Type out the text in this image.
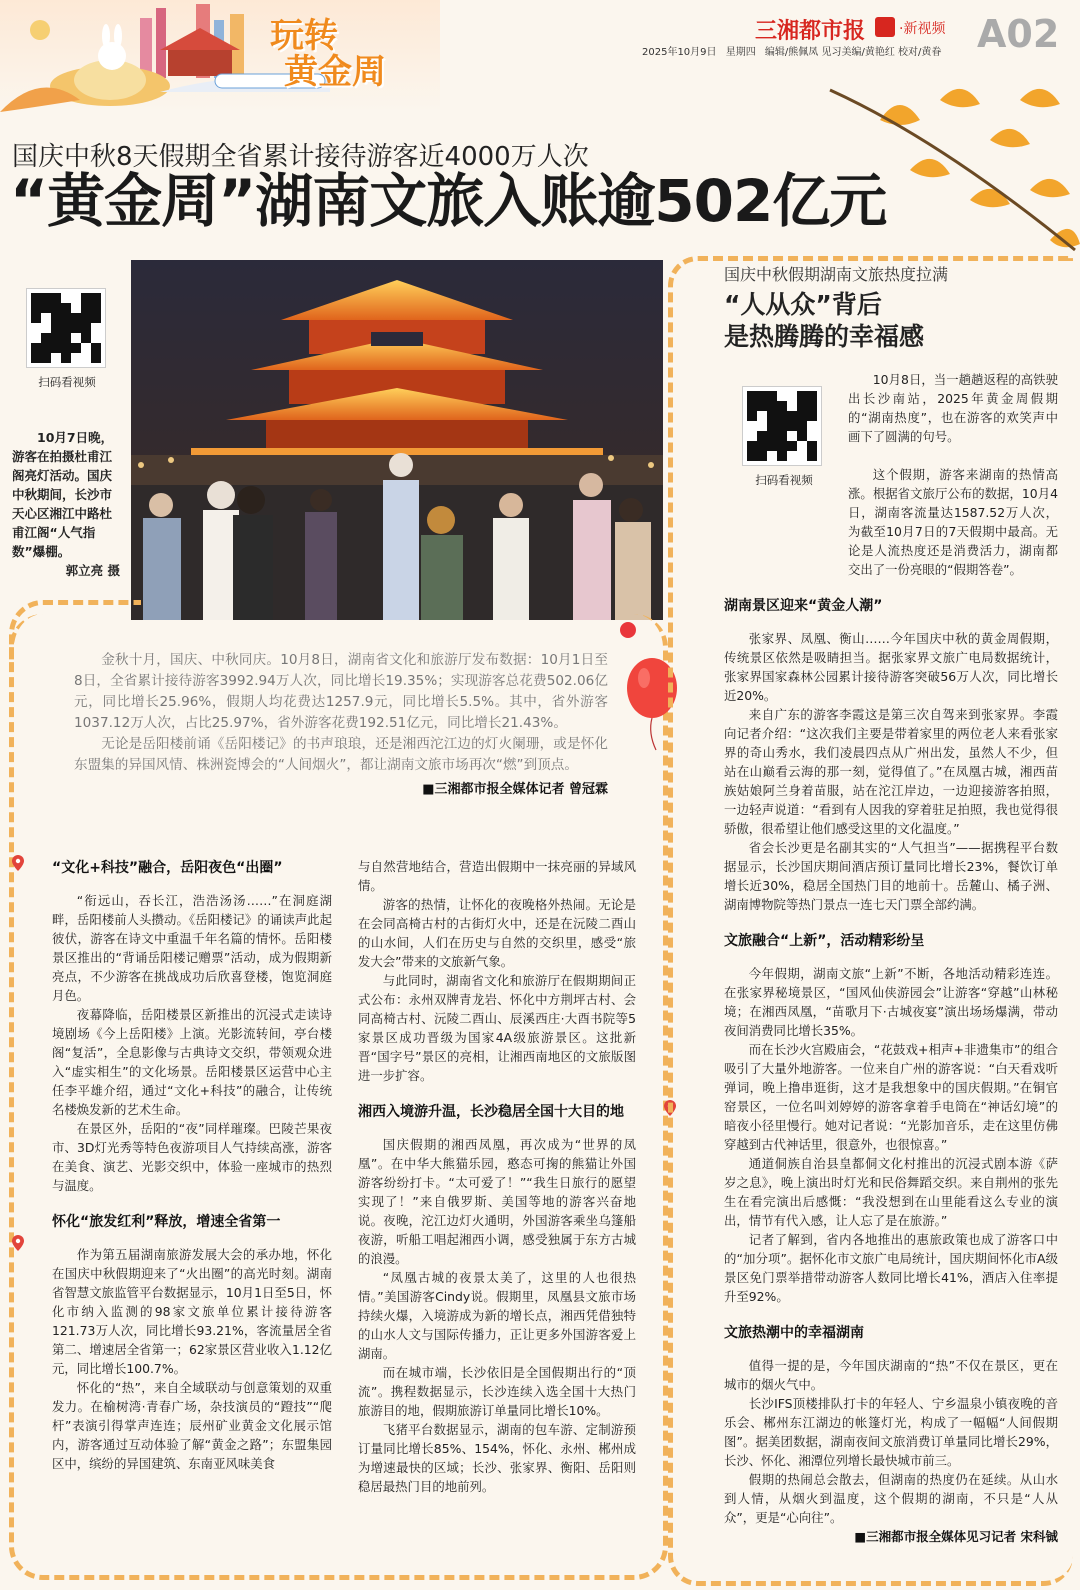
玩转
黄金周
三湘都市报 ·新视频 A02
2025年10月9日 星期四 编辑/熊佩凤 见习美编/黄艳红 校对/黄眷
国庆中秋8天假期全省累计接待游客近4000万人次
“黄金周”湖南文旅入账逾502亿元
扫码看视频

10月7日晚，游客在拍摄杜甫江阁亮灯活动。国庆中秋期间，长沙市天心区湘江中路杜甫江阁“人气指数”爆棚。

郭立亮 摄

金秋十月，国庆、中秋同庆。10月8日，湖南省文化和旅游厅发布数据：10月1日至8日，全省累计接待游客3992.94万人次，同比增长19.35%；实现游客总花费502.06亿元，同比增长25.96%，假期人均花费达1257.9元，同比增长5.5%。其中，省外游客1037.12万人次，占比25.97%，省外游客花费192.51亿元，同比增长21.43%。

无论是岳阳楼前诵《岳阳楼记》的书声琅琅，还是湘西沱江边的灯火阑珊，或是怀化东盟集的异国风情、株洲瓷博会的“人间烟火”，都让湖南文旅市场再次“燃”到顶点。

■三湘都市报全媒体记者 曾冠霖

“文化+科技”融合，岳阳夜色“出圈”

“衔远山，吞长江，浩浩汤汤……”在洞庭湖畔，岳阳楼前人头攒动。《岳阳楼记》的诵读声此起彼伏，游客在诗文中重温千年名篇的情怀。岳阳楼景区推出的“背诵岳阳楼记赠票”活动，成为假期新亮点，不少游客在挑战成功后欣喜登楼，饱览洞庭月色。

夜幕降临，岳阳楼景区新推出的沉浸式走读诗境剧场《今上岳阳楼》上演。光影流转间，亭台楼阁“复活”，全息影像与古典诗文交织，带领观众进入“虚实相生”的文化场景。岳阳楼景区运营中心主任李平雄介绍，通过“文化+科技”的融合，让传统名楼焕发新的艺术生命。

在景区外，岳阳的“夜”同样璀璨。巴陵芒果夜市、3D灯光秀等特色夜游项目人气持续高涨，游客在美食、演艺、光影交织中，体验一座城市的热烈与温度。

怀化“旅发红利”释放，增速全省第一

作为第五届湖南旅游发展大会的承办地，怀化在国庆中秋假期迎来了“火出圈”的高光时刻。湖南省智慧文旅监管平台数据显示，10月1日至5日，怀化市纳入监测的98家文旅单位累计接待游客121.73万人次，同比增长93.21%，客流量居全省第二、增速居全省第一；62家景区营业收入1.12亿元，同比增长100.7%。

怀化的“热”，来自全域联动与创意策划的双重发力。在榆树湾·青春广场，杂技演员的“蹬技”“爬杆”表演引得掌声连连；辰州矿业黄金文化展示馆内，游客通过互动体验了解“黄金之路”；东盟集园区中，缤纷的异国建筑、东南亚风味美食

与自然营地结合，营造出假期中一抹亮丽的异域风情。

游客的热情，让怀化的夜晚格外热闹。无论是在会同高椅古村的古街灯火中，还是在沅陵二酉山的山水间，人们在历史与自然的交织里，感受“旅发大会”带来的文旅新气象。

与此同时，湖南省文化和旅游厅在假期期间正式公布：永州双牌青龙岩、怀化中方荆坪古村、会同高椅古村、沅陵二酉山、辰溪西庄·大酉书院等5家景区成功晋级为国家4A级旅游景区。这批新晋“国字号”景区的亮相，让湘西南地区的文旅版图进一步扩容。

湘西入境游升温，长沙稳居全国十大目的地

国庆假期的湘西凤凰，再次成为“世界的凤凰”。在中华大熊猫乐园，憨态可掬的熊猫让外国游客纷纷打卡。“太可爱了！”“我生日旅行的愿望实现了！”来自俄罗斯、美国等地的游客兴奋地说。夜晚，沱江边灯火通明，外国游客乘坐乌篷船夜游，听船工唱起湘西小调，感受独属于东方古城的浪漫。

“凤凰古城的夜景太美了，这里的人也很热情。”美国游客Cindy说。假期里，凤凰县文旅市场持续火爆，入境游成为新的增长点，湘西凭借独特的山水人文与国际传播力，正让更多外国游客爱上湖南。

而在城市端，长沙依旧是全国假期出行的“顶流”。携程数据显示，长沙连续入选全国十大热门旅游目的地，假期旅游订单量同比增长10%。

飞猪平台数据显示，湖南的包车游、定制游预订量同比增长85%、154%，怀化、永州、郴州成为增速最快的区域；长沙、张家界、衡阳、岳阳则稳居最热门目的地前列。

国庆中秋假期湖南文旅热度拉满
“人从众”背后
是热腾腾的幸福感
扫码看视频

10月8日，当一趟趟返程的高铁驶出长沙南站，2025年黄金周假期的“湖南热度”，也在游客的欢笑声中画下了圆满的句号。

这个假期，游客来湖南的热情高涨。根据省文旅厅公布的数据，10月4日，湖南客流量达1587.52万人次，为截至10月7日的7天假期中最高。无论是人流热度还是消费活力，湖南都交出了一份亮眼的“假期答卷”。

湖南景区迎来“黄金人潮”

张家界、凤凰、衡山……今年国庆中秋的黄金周假期，传统景区依然是吸睛担当。据张家界文旅广电局数据统计，张家界国家森林公园累计接待游客突破56万人次，同比增长近20%。

来自广东的游客李霞这是第三次自驾来到张家界。李霞向记者介绍：“这次我们主要是带着家里的两位老人来看张家界的奇山秀水，我们凌晨四点从广州出发，虽然人不少，但站在山巅看云海的那一刻，觉得值了。”在凤凰古城，湘西苗族姑娘阿兰身着苗服，站在沱江岸边，一边迎接游客拍照，一边轻声说道：“看到有人因我的穿着驻足拍照，我也觉得很骄傲，很希望让他们感受这里的文化温度。”

省会长沙更是名副其实的“人气担当”——据携程平台数据显示，长沙国庆期间酒店预订量同比增长23%，餐饮订单增长近30%，稳居全国热门目的地前十。岳麓山、橘子洲、湖南博物院等热门景点一连七天门票全部约满。

文旅融合“上新”，活动精彩纷呈

今年假期，湖南文旅“上新”不断，各地活动精彩连连。在张家界秘境景区，“国风仙侠游园会”让游客“穿越”山林秘境；在湘西凤凰，“苗歌月下·古城夜宴”演出场场爆满，带动夜间消费同比增长35%。

而在长沙火宫殿庙会，“花鼓戏+相声+非遗集市”的组合吸引了大量外地游客。一位来自广州的游客说：“白天看戏听弹词，晚上撸串逛街，这才是我想象中的国庆假期。”在铜官窑景区，一位名叫刘婷婷的游客拿着手电筒在“神话幻境”的暗夜小径里慢行。她对记者说：“光影加音乐，走在这里仿佛穿越到古代神话里，很意外，也很惊喜。”

通道侗族自治县皇都侗文化村推出的沉浸式剧本游《萨岁之息》，晚上演出时灯光和民俗舞蹈交织。来自荆州的张先生在看完演出后感慨：“我没想到在山里能看这么专业的演出，情节有代入感，让人忘了是在旅游。”

记者了解到，省内各地推出的惠旅政策也成了游客口中的“加分项”。据怀化市文旅广电局统计，国庆期间怀化市A级景区免门票举措带动游客人数同比增长41%，酒店入住率提升至92%。

文旅热潮中的幸福湖南

值得一提的是，今年国庆湖南的“热”不仅在景区，更在城市的烟火气中。

长沙IFS顶楼排队打卡的年轻人、宁乡温泉小镇夜晚的音乐会、郴州东江湖边的帐篷灯光，构成了一幅幅“人间假期图”。据美团数据，湖南夜间文旅消费订单量同比增长29%，长沙、怀化、湘潭位列增长最快城市前三。

假期的热闹总会散去，但湖南的热度仍在延续。从山水到人情，从烟火到温度，这个假期的湖南，不只是“人从众”，更是“心向往”。

■三湘都市报全媒体见习记者 宋科铖
